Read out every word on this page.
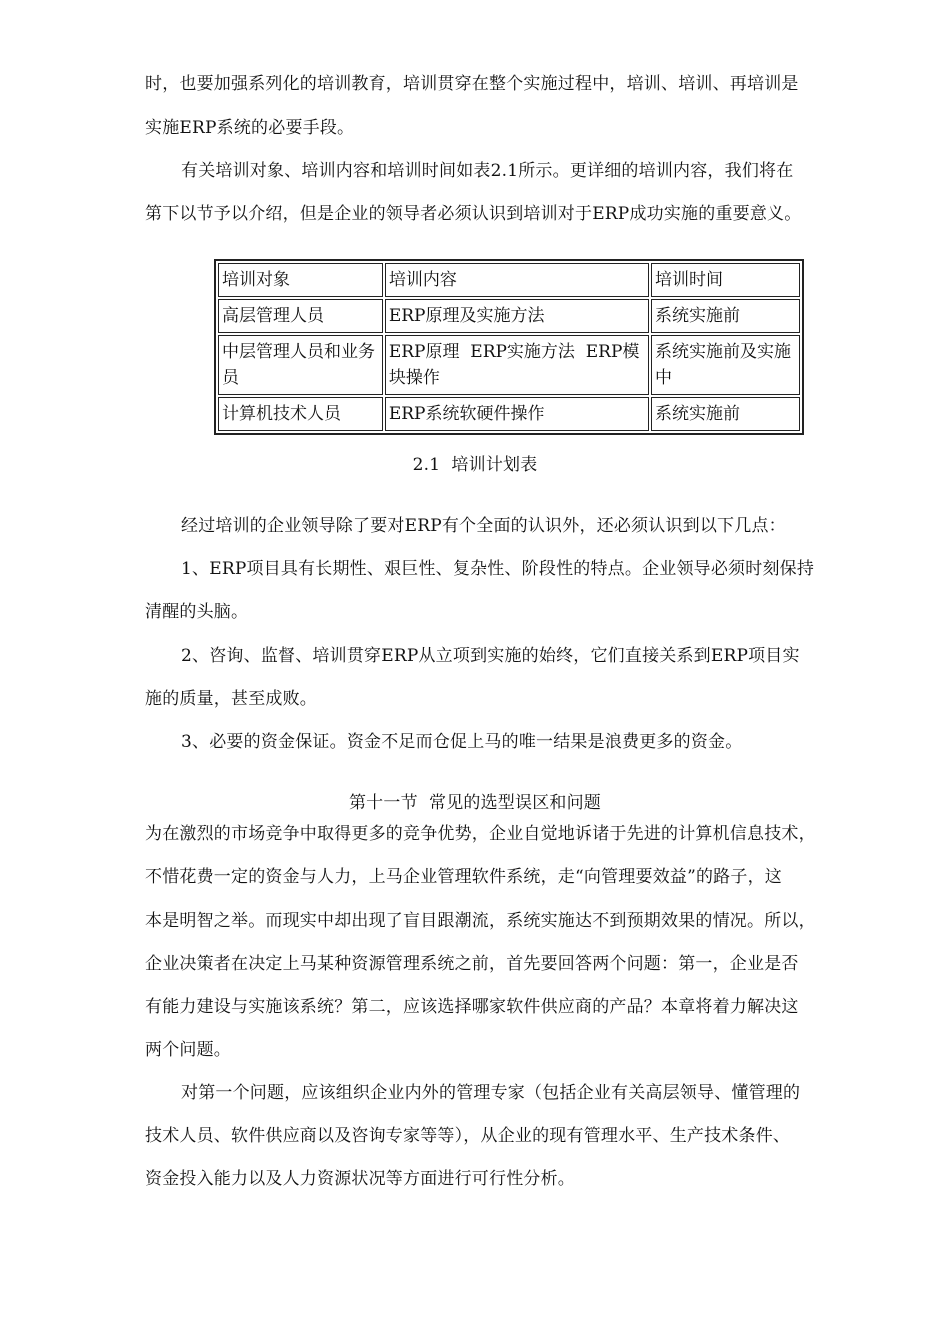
时，也要加强系列化的培训教育，培训贯穿在整个实施过程中，培训、培训、再培训是
实施ERP系统的必要手段。
有关培训对象、培训内容和培训时间如表2.1所示。更详细的培训内容，我们将在
第下以节予以介绍，但是企业的领导者必须认识到培训对于ERP成功实施的重要意义。
培训对象	培训内容	培训时间
高层管理人员	ERP原理及实施方法	系统实施前
中层管理人员和业务员	ERP原理  ERP实施方法  ERP模块操作	系统实施前及实施中
计算机技术人员	ERP系统软硬件操作	系统实施前
2.1  培训计划表
经过培训的企业领导除了要对ERP有个全面的认识外，还必须认识到以下几点：
1、ERP项目具有长期性、艰巨性、复杂性、阶段性的特点。企业领导必须时刻保持
清醒的头脑。
2、咨询、监督、培训贯穿ERP从立项到实施的始终，它们直接关系到ERP项目实
施的质量，甚至成败。
3、必要的资金保证。资金不足而仓促上马的唯一结果是浪费更多的资金。
第十一节  常见的选型误区和问题
为在激烈的市场竞争中取得更多的竞争优势，企业自觉地诉诸于先进的计算机信息技术，
不惜花费一定的资金与人力，上马企业管理软件系统，走“向管理要效益”的路子，这
本是明智之举。而现实中却出现了盲目跟潮流，系统实施达不到预期效果的情况。所以，
企业决策者在决定上马某种资源管理系统之前，首先要回答两个问题：第一，企业是否
有能力建设与实施该系统？第二，应该选择哪家软件供应商的产品？本章将着力解决这
两个问题。
对第一个问题，应该组织企业内外的管理专家（包括企业有关高层领导、懂管理的
技术人员、软件供应商以及咨询专家等等），从企业的现有管理水平、生产技术条件、
资金投入能力以及人力资源状况等方面进行可行性分析。
